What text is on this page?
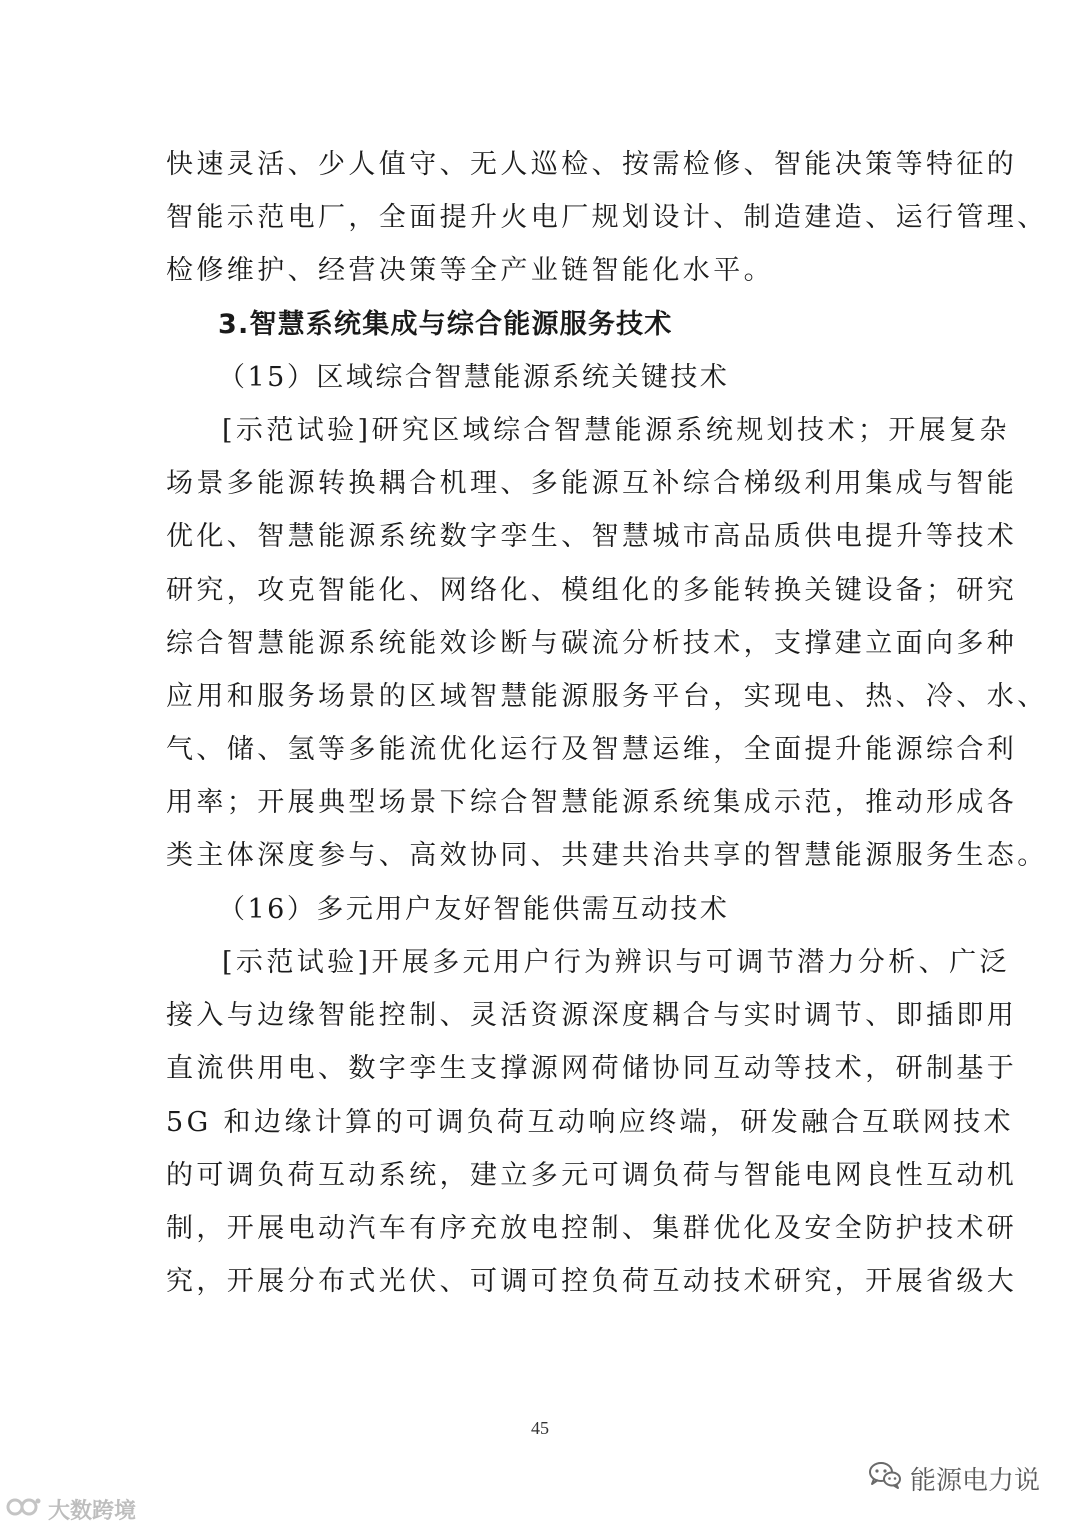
快速灵活、少人值守、无人巡检、按需检修、智能决策等特征的
智能示范电厂，全面提升火电厂规划设计、制造建造、运行管理、
检修维护、经营决策等全产业链智能化水平。
3.智慧系统集成与综合能源服务技术
（15）区域综合智慧能源系统关键技术
[示范试验]研究区域综合智慧能源系统规划技术；开展复杂
场景多能源转换耦合机理、多能源互补综合梯级利用集成与智能
优化、智慧能源系统数字孪生、智慧城市高品质供电提升等技术
研究，攻克智能化、网络化、模组化的多能转换关键设备；研究
综合智慧能源系统能效诊断与碳流分析技术，支撑建立面向多种
应用和服务场景的区域智慧能源服务平台，实现电、热、冷、水、
气、储、氢等多能流优化运行及智慧运维，全面提升能源综合利
用率；开展典型场景下综合智慧能源系统集成示范，推动形成各
类主体深度参与、高效协同、共建共治共享的智慧能源服务生态。
（16）多元用户友好智能供需互动技术
[示范试验]开展多元用户行为辨识与可调节潜力分析、广泛
接入与边缘智能控制、灵活资源深度耦合与实时调节、即插即用
直流供用电、数字孪生支撑源网荷储协同互动等技术，研制基于
5G 和边缘计算的可调负荷互动响应终端，研发融合互联网技术
的可调负荷互动系统，建立多元可调负荷与智能电网良性互动机
制，开展电动汽车有序充放电控制、集群优化及安全防护技术研
究，开展分布式光伏、可调可控负荷互动技术研究，开展省级大
45
能源电力说
大数跨境
